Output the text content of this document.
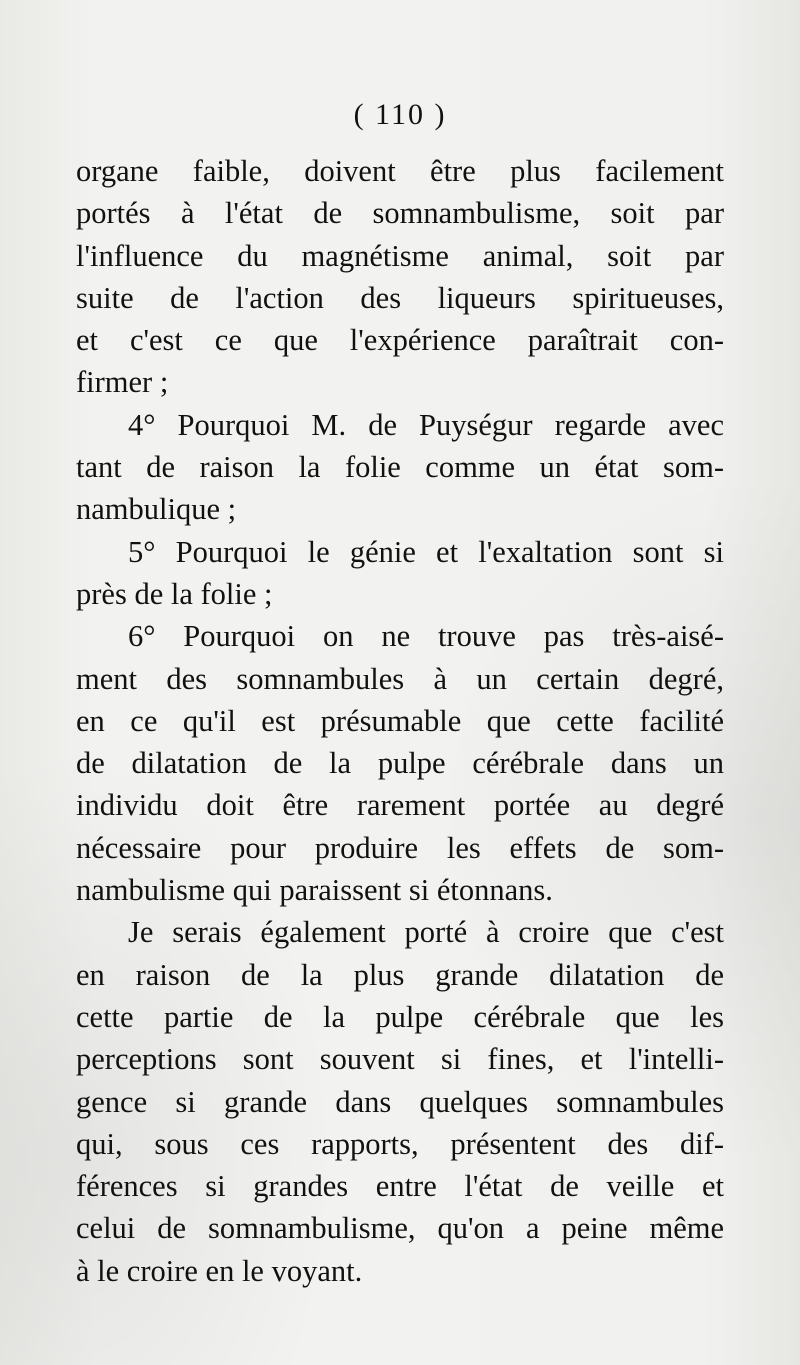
( 110 )
organe faible, doivent être plus facilement
portés à l'état de somnambulisme, soit par
l'influence du magnétisme animal, soit par
suite de l'action des liqueurs spiritueuses,
et c'est ce que l'expérience paraîtrait con-
firmer ;
4° Pourquoi M. de Puységur regarde avec
tant de raison la folie comme un état som-
nambulique ;
5° Pourquoi le génie et l'exaltation sont si
près de la folie ;
6° Pourquoi on ne trouve pas très-aisé-
ment des somnambules à un certain degré,
en ce qu'il est présumable que cette facilité
de dilatation de la pulpe cérébrale dans un
individu doit être rarement portée au degré
nécessaire pour produire les effets de som-
nambulisme qui paraissent si étonnans.
Je serais également porté à croire que c'est
en raison de la plus grande dilatation de
cette partie de la pulpe cérébrale que les
perceptions sont souvent si fines, et l'intelli-
gence si grande dans quelques somnambules
qui, sous ces rapports, présentent des dif-
férences si grandes entre l'état de veille et
celui de somnambulisme, qu'on a peine même
à le croire en le voyant.
